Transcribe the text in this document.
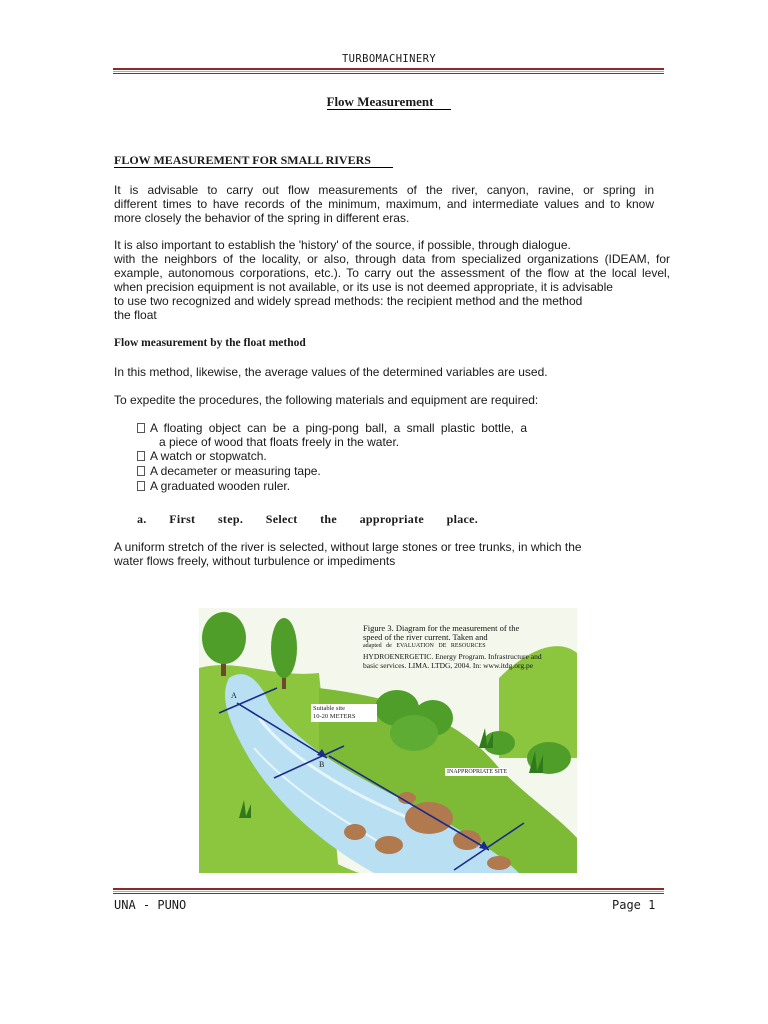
TURBOMACHINERY
Flow Measurement
FLOW MEASUREMENT FOR SMALL RIVERS
It is advisable to carry out flow measurements of the river, canyon, ravine, or spring in
different times to have records of the minimum, maximum, and intermediate values and to know
more closely the behavior of the spring in different eras.
It is also important to establish the 'history' of the source, if possible, through dialogue.
with the neighbors of the locality, or also, through data from specialized organizations (IDEAM, for
example, autonomous corporations, etc.). To carry out the assessment of the flow at the local level,
when precision equipment is not available, or its use is not deemed appropriate, it is advisable
to use two recognized and widely spread methods: the recipient method and the method
the float
Flow measurement by the float method
In this method, likewise, the average values of the determined variables are used.
To expedite the procedures, the following materials and equipment are required:
A floating object can be a ping-pong ball, a small plastic bottle, a
a piece of wood that floats freely in the water.
A watch or stopwatch.
A decameter or measuring tape.
A graduated wooden ruler.
a.  First  step.  Select  the  appropriate  place.
A uniform stretch of the river is selected, without large stones or tree trunks, in which the
water flows freely, without turbulence or impediments
Figure 3. Diagram for the measurement of the
speed of the river current. Taken and
adapted   de   EVALUATION   DE   RESOURCES
HYDROENERGETIC. Energy Program. Infrastructure and
basic services. LIMA. LTDG, 2004. In: www.itdg.org.pe
A
B
Suitable site
10-20 METERS
INAPPROPRIATE SITE
UNA - PUNO	Page 1
